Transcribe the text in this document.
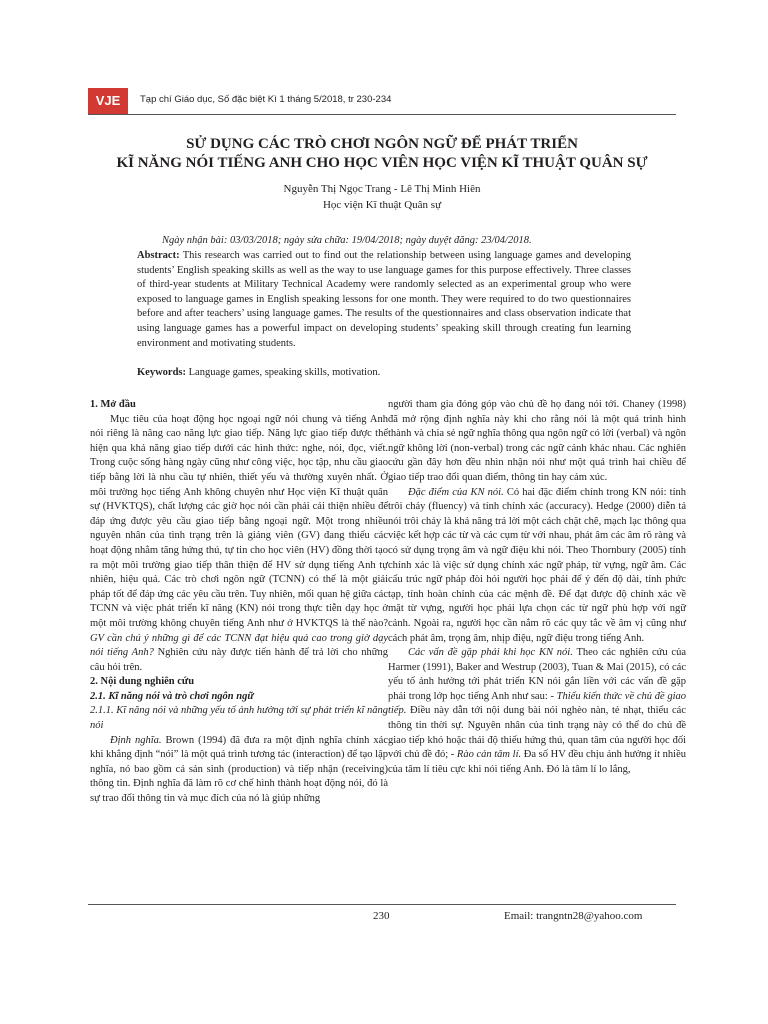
VJE	Tạp chí Giáo dục, Số đặc biệt Kì 1 tháng 5/2018, tr 230-234
SỬ DỤNG CÁC TRÒ CHƠI NGÔN NGỮ ĐỂ PHÁT TRIỂN
KĨ NĂNG NÓI TIẾNG ANH CHO HỌC VIÊN HỌC VIỆN KĨ THUẬT QUÂN SỰ
Nguyễn Thị Ngọc Trang - Lê Thị Minh Hiên
Học viện Kĩ thuật Quân sự
Ngày nhận bài: 03/03/2018; ngày sửa chữa: 19/04/2018; ngày duyệt đăng: 23/04/2018.
Abstract: This research was carried out to find out the relationship between using language games and developing students’ English speaking skills as well as the way to use language games for this purpose effectively. Three classes of third-year students at Military Technical Academy were randomly selected as an experimental group who were exposed to language games in English speaking lessons for one month. They were required to do two questionnaires before and after teachers’ using language games. The results of the questionnaires and class observation indicate that using language games has a powerful impact on developing students’ speaking skill through creating fun learning environment and motivating students.
Keywords: Language games, speaking skills, motivation.
1. Mở đầu

Mục tiêu của hoạt động học ngoại ngữ nói chung và tiếng Anh nói riêng là nâng cao năng lực giao tiếp. Năng lực giao tiếp được thể hiện qua khả năng giao tiếp dưới các hình thức: nghe, nói, đọc, viết. Trong cuộc sống hàng ngày cũng như công việc, học tập, nhu cầu giao tiếp bằng lời là nhu cầu tự nhiên, thiết yếu và thường xuyên nhất. Ở môi trường học tiếng Anh không chuyên như Học viện Kĩ thuật quân sự (HVKTQS), chất lượng các giờ học nói cần phải cải thiện nhiều để đáp ứng được yêu cầu giao tiếp bằng ngoại ngữ. Một trong nhiều nguyên nhân của tình trạng trên là giảng viên (GV) đang thiếu các hoạt động nhằm tăng hứng thú, tự tin cho học viên (HV) đồng thời tạo ra một môi trường giao tiếp thân thiện để HV sử dụng tiếng Anh tự nhiên, hiệu quả. Các trò chơi ngôn ngữ (TCNN) có thể là một giải pháp tốt để đáp ứng các yêu cầu trên. Tuy nhiên, mối quan hệ giữa các TCNN và việc phát triển kĩ năng (KN) nói trong thực tiễn dạy học ở một môi trường không chuyên tiếng Anh như ở HVKTQS là thế nào? GV cần chú ý những gì để các TCNN đạt hiệu quả cao trong giờ dạy nói tiếng Anh? Nghiên cứu này được tiến hành để trả lời cho những câu hỏi trên.

2. Nội dung nghiên cứu
2.1. Kĩ năng nói và trò chơi ngôn ngữ
2.1.1. Kĩ năng nói và những yếu tố ảnh hưởng tới sự phát triển kĩ năng nói

Định nghĩa. Brown (1994) đã đưa ra một định nghĩa chính xác khi khẳng định “nói” là một quá trình tương tác (interaction) để tạo lập nghĩa, nó bao gồm cả sản sinh (production) và tiếp nhận (receiving) thông tin. Định nghĩa đã làm rõ cơ chế hình thành hoạt động nói, đó là sự trao đổi thông tin và mục đích của nó là giúp những

người tham gia đóng góp vào chủ đề họ đang nói tới. Chaney (1998) đã mở rộng định nghĩa này khi cho rằng nói là một quá trình hình thành và chia sẻ ngữ nghĩa thông qua ngôn ngữ có lời (verbal) và ngôn ngữ không lời (non-verbal) trong các ngữ cảnh khác nhau. Các nghiên cứu gần đây hơn đều nhìn nhận nói như một quá trình hai chiều để giao tiếp trao đổi quan điểm, thông tin hay cảm xúc.

Đặc điểm của KN nói. Có hai đặc điểm chính trong KN nói: tính trôi chảy (fluency) và tính chính xác (accuracy). Hedge (2000) diễn tả nói trôi chảy là khả năng trả lời một cách chặt chẽ, mạch lạc thông qua việc kết hợp các từ và các cụm từ với nhau, phát âm các âm rõ ràng và có sử dụng trọng âm và ngữ điệu khi nói. Theo Thornbury (2005) tính chính xác là việc sử dụng chính xác ngữ pháp, từ vựng, ngữ âm. Các cấu trúc ngữ pháp đòi hỏi người học phải để ý đến độ dài, tính phức tạp, tính hoàn chỉnh của các mệnh đề. Để đạt được độ chính xác về mặt từ vựng, người học phải lựa chọn các từ ngữ phù hợp với ngữ cảnh. Ngoài ra, người học cần nắm rõ các quy tắc về âm vị cũng như cách phát âm, trọng âm, nhịp điệu, ngữ điệu trong tiếng Anh.

Các vấn đề gặp phải khi học KN nói. Theo các nghiên cứu của Harmer (1991), Baker and Westrup (2003), Tuan & Mai (2015), có các yếu tố ảnh hưởng tới phát triển KN nói gắn liền với các vấn đề gặp phải trong lớp học tiếng Anh như sau: - Thiếu kiến thức về chủ đề giao tiếp. Điều này dẫn tới nội dung bài nói nghèo nàn, tẻ nhạt, thiếu các thông tin thời sự. Nguyên nhân của tình trạng này có thể do chủ đề giao tiếp khó hoặc thái độ thiếu hứng thú, quan tâm của người học đối với chủ đề đó; - Rào cản tâm lí. Đa số HV đều chịu ảnh hưởng ít nhiều của tâm lí tiêu cực khi nói tiếng Anh. Đó là tâm lí lo lắng,

230	Email: trangntn28@yahoo.com
